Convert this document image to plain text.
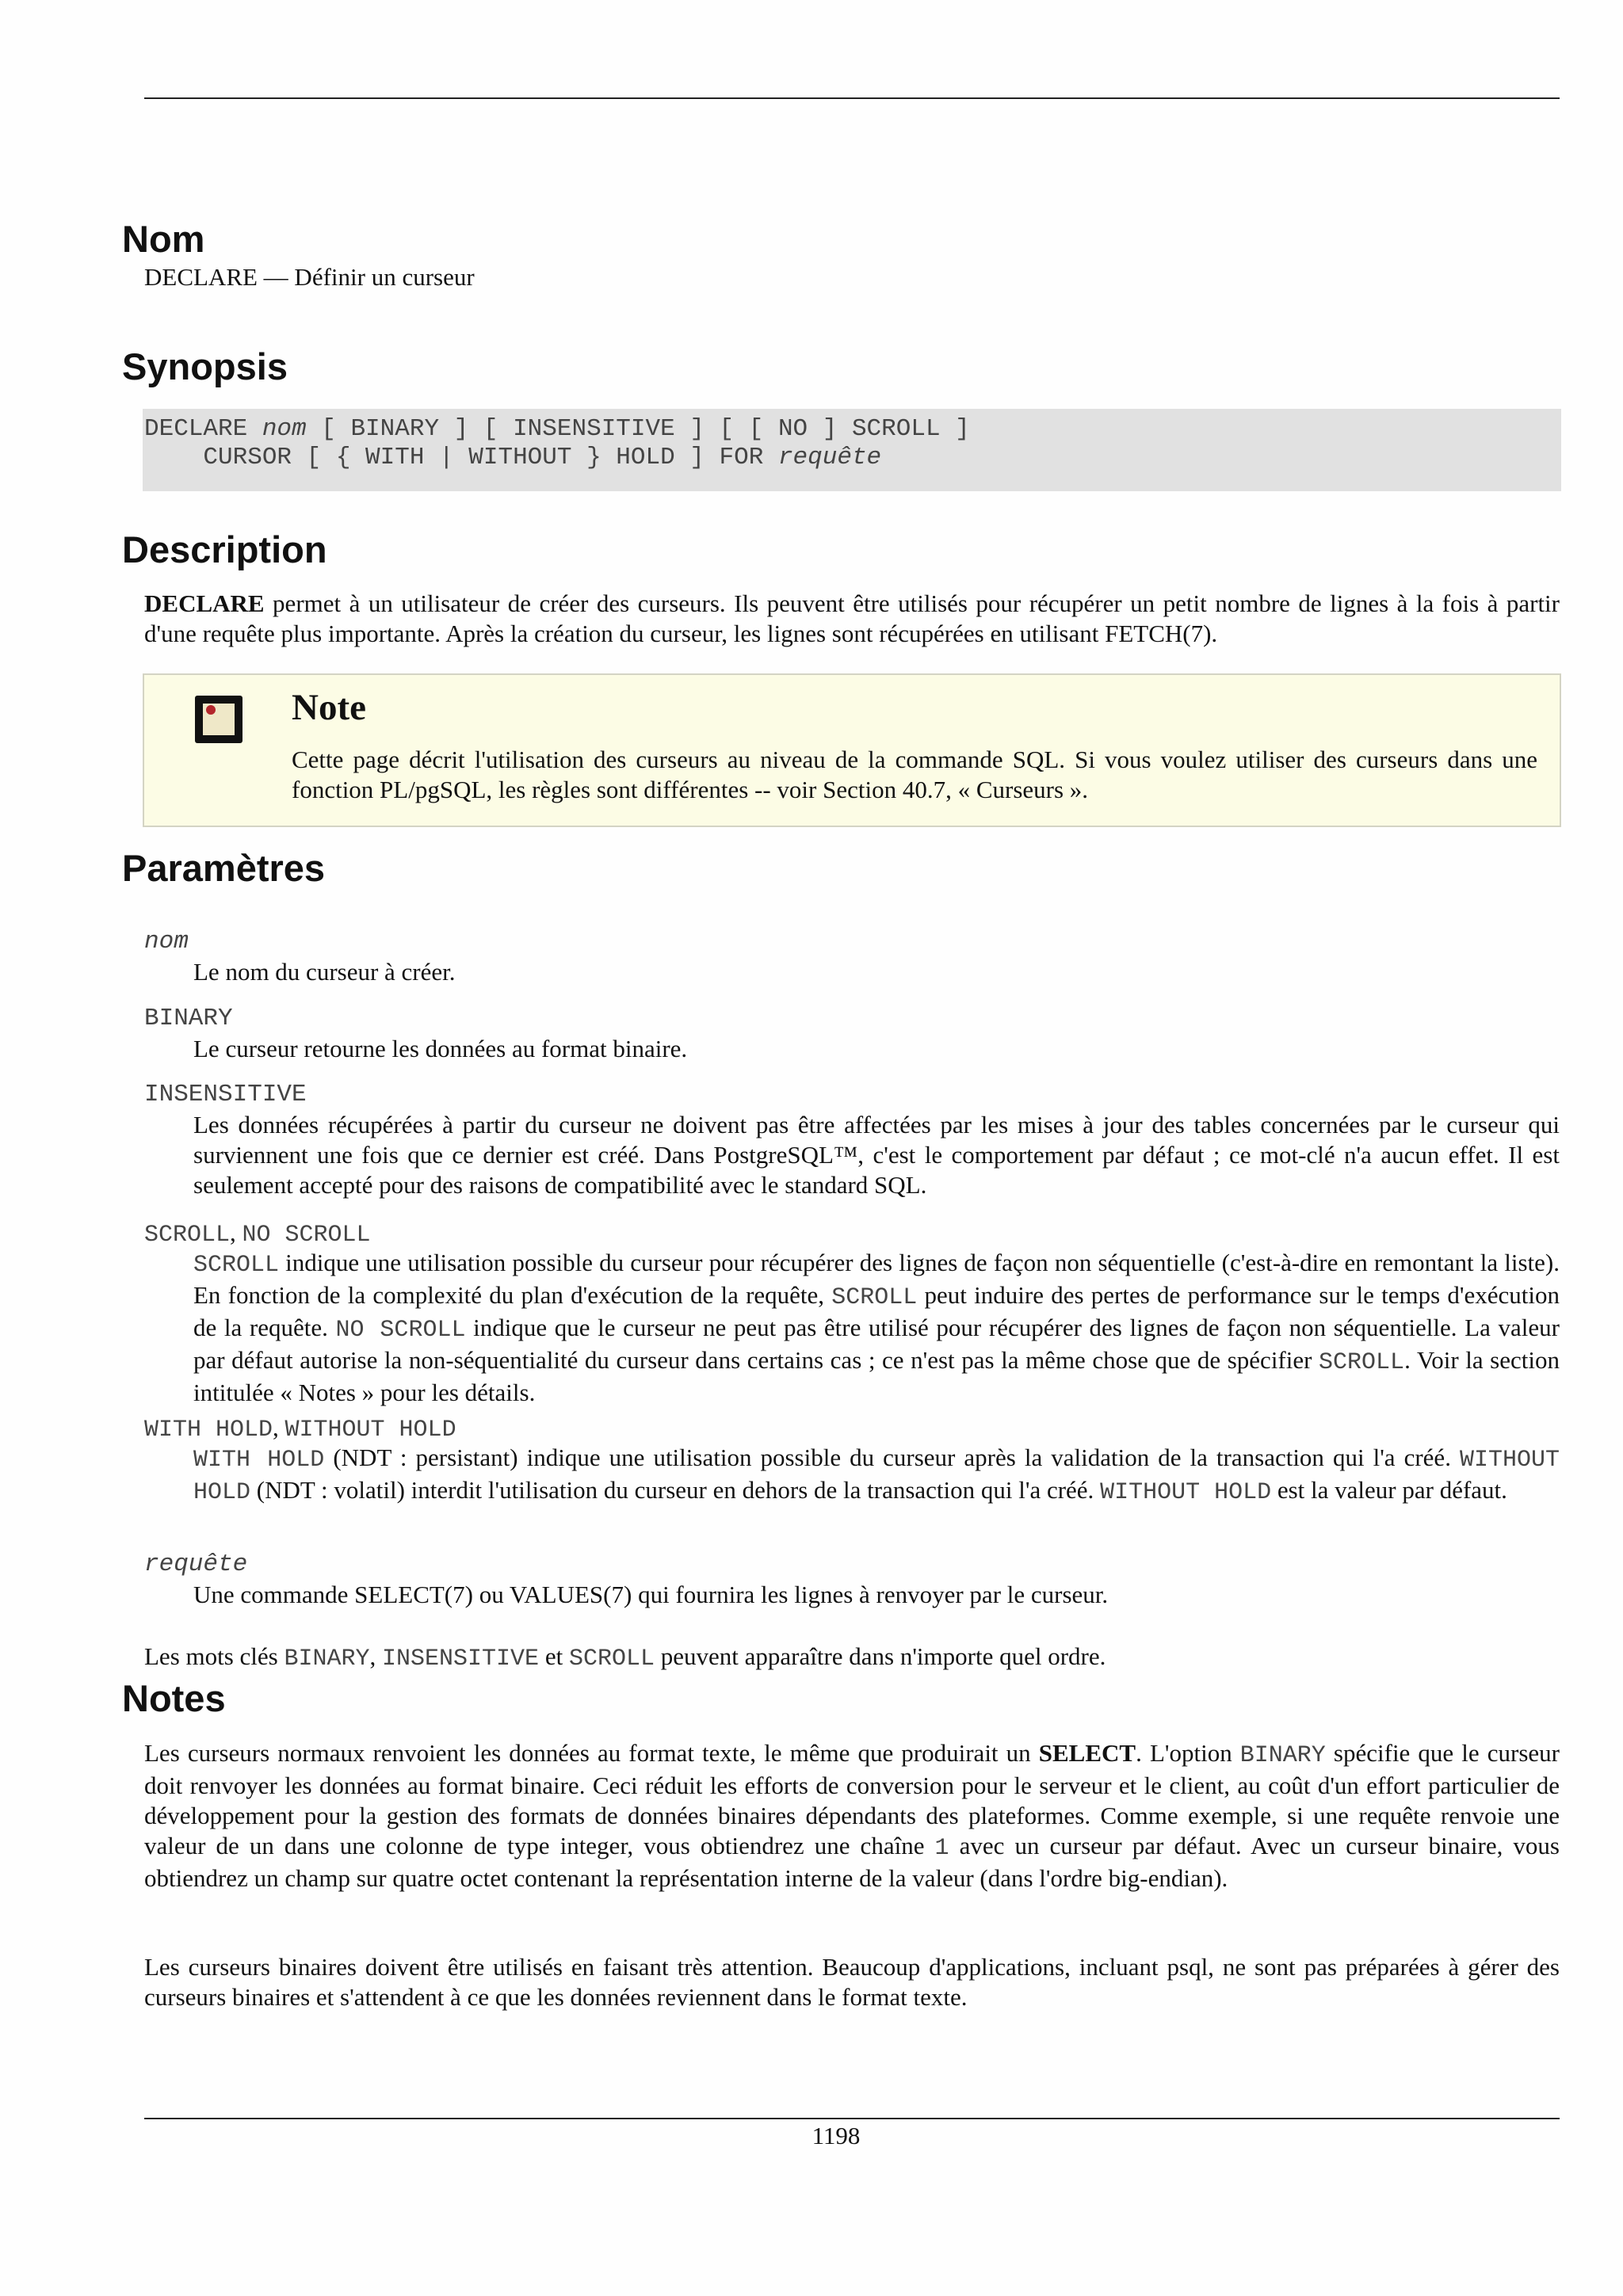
Nom
DECLARE — Définir un curseur
Synopsis
DECLARE nom [ BINARY ] [ INSENSITIVE ] [ [ NO ] SCROLL ]
CURSOR [ { WITH | WITHOUT } HOLD ] FOR requête
Description
DECLARE permet à un utilisateur de créer des curseurs. Ils peuvent être utilisés pour récupérer un petit nombre de lignes à la fois à partir d'une requête plus importante. Après la création du curseur, les lignes sont récupérées en utilisant FETCH(7).
Note
Cette page décrit l'utilisation des curseurs au niveau de la commande SQL. Si vous voulez utiliser des curseurs dans une fonction PL/pgSQL, les règles sont différentes -- voir Section 40.7, « Curseurs ».
Paramètres
nom
Le nom du curseur à créer.
BINARY
Le curseur retourne les données au format binaire.
INSENSITIVE
Les données récupérées à partir du curseur ne doivent pas être affectées par les mises à jour des tables concernées par le curseur qui surviennent une fois que ce dernier est créé. Dans PostgreSQL™, c'est le comportement par défaut ; ce mot-clé n'a aucun effet. Il est seulement accepté pour des raisons de compatibilité avec le standard SQL.
SCROLL, NO SCROLL
SCROLL indique une utilisation possible du curseur pour récupérer des lignes de façon non séquentielle (c'est-à-dire en remontant la liste). En fonction de la complexité du plan d'exécution de la requête, SCROLL peut induire des pertes de performance sur le temps d'exécution de la requête. NO SCROLL indique que le curseur ne peut pas être utilisé pour récupérer des lignes de façon non séquentielle. La valeur par défaut autorise la non-séquentialité du curseur dans certains cas ; ce n'est pas la même chose que de spécifier SCROLL. Voir la section intitulée « Notes » pour les détails.
WITH HOLD, WITHOUT HOLD
WITH HOLD (NDT : persistant) indique une utilisation possible du curseur après la validation de la transaction qui l'a créé. WITHOUT HOLD (NDT : volatil) interdit l'utilisation du curseur en dehors de la transaction qui l'a créé. WITHOUT HOLD est la valeur par défaut.
requête
Une commande SELECT(7) ou VALUES(7) qui fournira les lignes à renvoyer par le curseur.
Les mots clés BINARY, INSENSITIVE et SCROLL peuvent apparaître dans n'importe quel ordre.
Notes
Les curseurs normaux renvoient les données au format texte, le même que produirait un SELECT. L'option BINARY spécifie que le curseur doit renvoyer les données au format binaire. Ceci réduit les efforts de conversion pour le serveur et le client, au coût d'un effort particulier de développement pour la gestion des formats de données binaires dépendants des plateformes. Comme exemple, si une requête renvoie une valeur de un dans une colonne de type integer, vous obtiendrez une chaîne 1 avec un curseur par défaut. Avec un curseur binaire, vous obtiendrez un champ sur quatre octet contenant la représentation interne de la valeur (dans l'ordre big-endian).
Les curseurs binaires doivent être utilisés en faisant très attention. Beaucoup d'applications, incluant psql, ne sont pas préparées à gérer des curseurs binaires et s'attendent à ce que les données reviennent dans le format texte.
1198
